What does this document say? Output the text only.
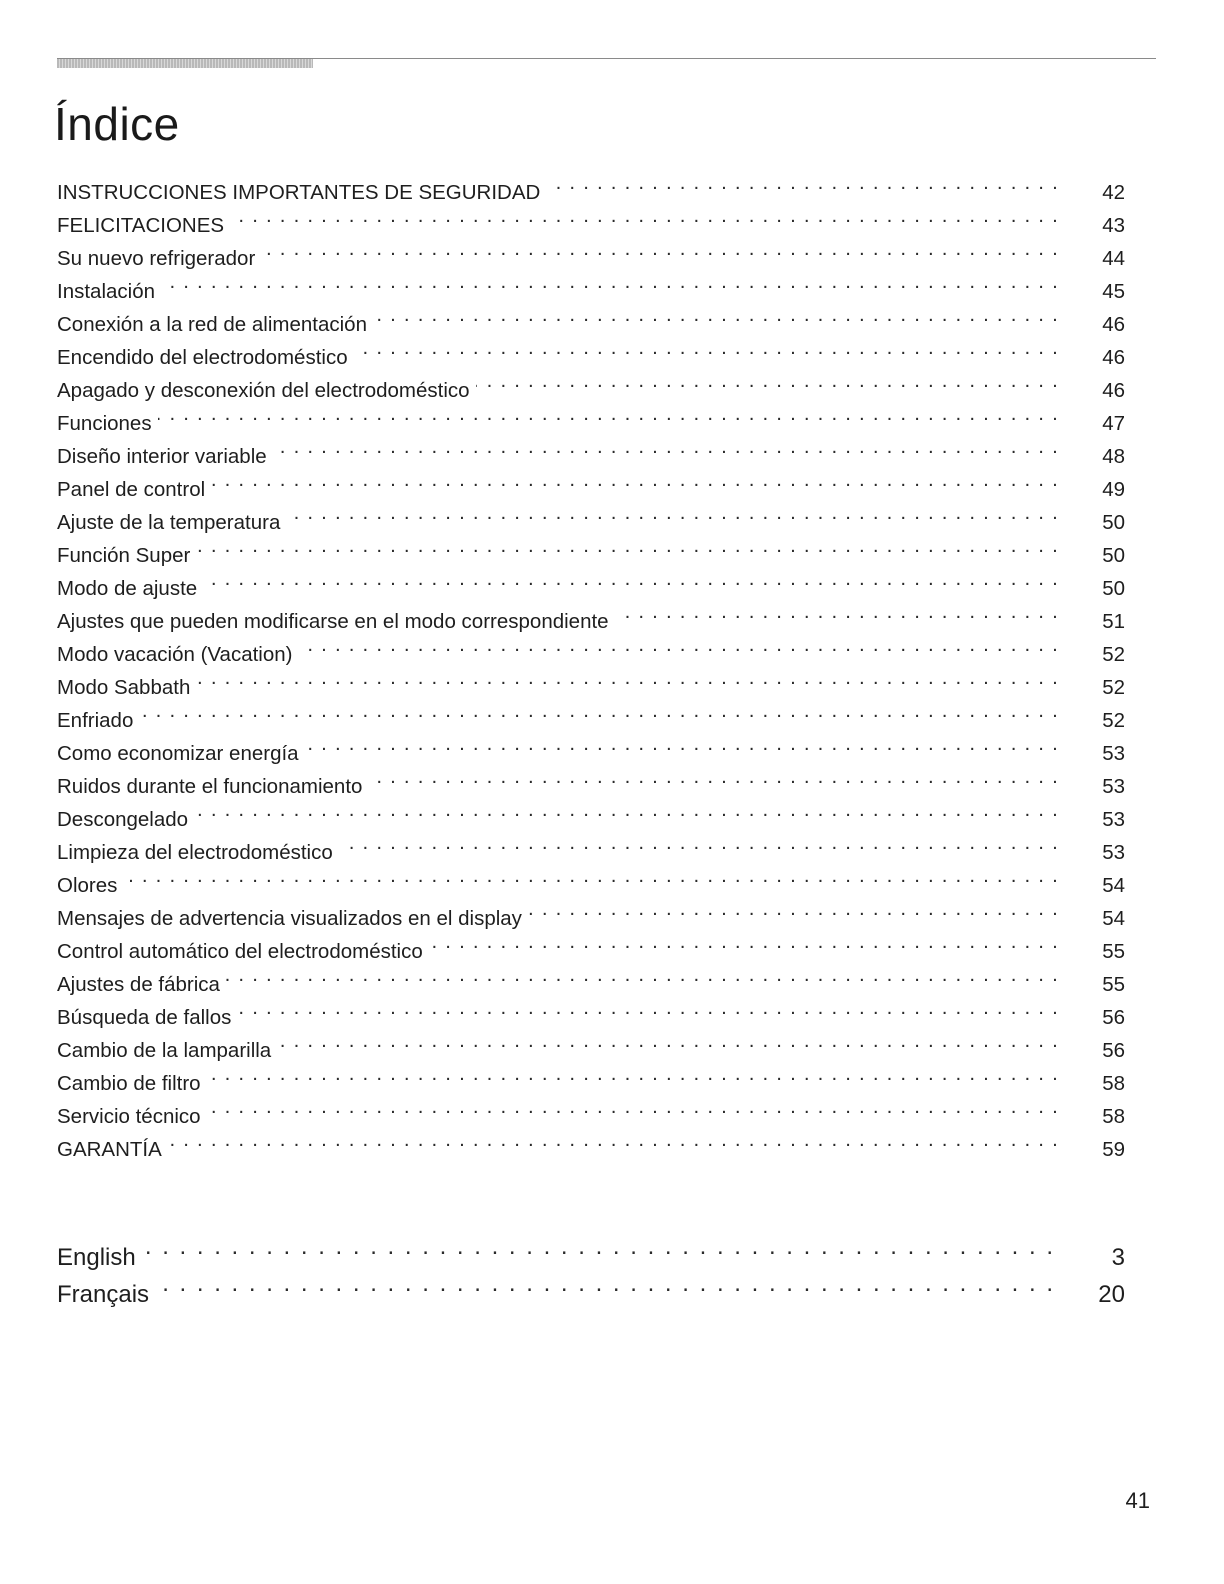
Índice
INSTRUCCIONES IMPORTANTES DE SEGURIDAD . . .	42
FELICITACIONES . . .	43
Su nuevo refrigerador . . .	44
Instalación . . .	45
Conexión a la red de alimentación . . .	46
Encendido del electrodoméstico . . .	46
Apagado y desconexión del electrodoméstico . . .	46
Funciones . . .	47
Diseño interior variable . . .	48
Panel de control . . .	49
Ajuste de la temperatura . . .	50
Función Super . . .	50
Modo de ajuste . . .	50
Ajustes que pueden modificarse en el modo correspondiente . . .	51
Modo vacación (Vacation) . . .	52
Modo Sabbath . . .	52
Enfriado . . .	52
Como economizar energía . . .	53
Ruidos durante el funcionamiento . . .	53
Descongelado . . .	53
Limpieza del electrodoméstico . . .	53
Olores . . .	54
Mensajes de advertencia visualizados en el display . . .	54
Control automático del electrodoméstico . . .	55
Ajustes de fábrica . . .	55
Búsqueda de fallos . . .	56
Cambio de la lamparilla . . .	56
Cambio de filtro . . .	58
Servicio técnico . . .	58
GARANTÍA . . .	59
English . . .	3
Français . . .	20
41
